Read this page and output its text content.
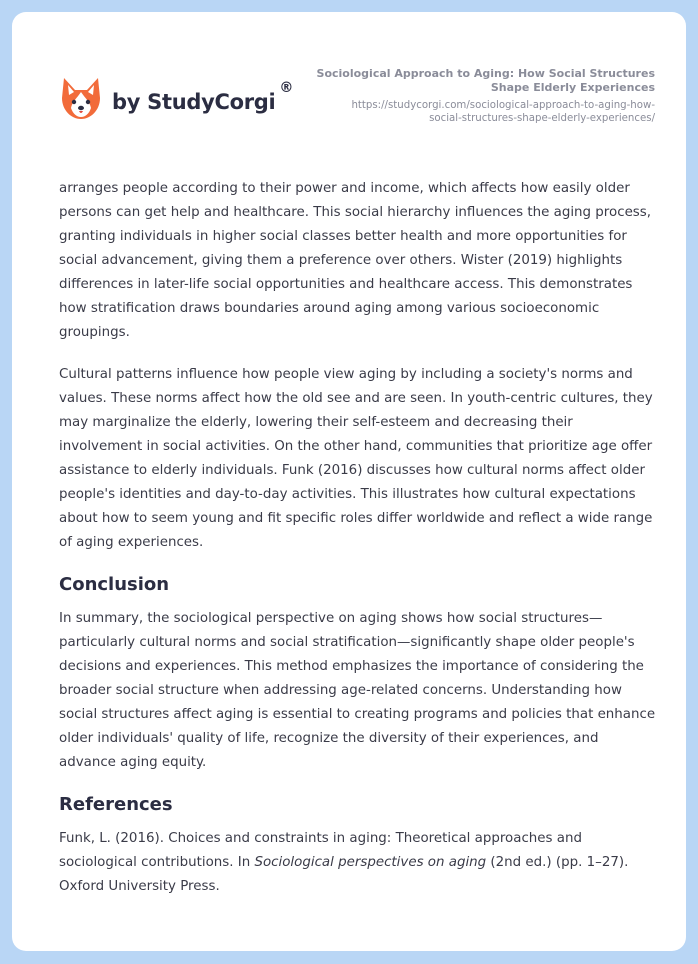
by StudyCorgi
®
Sociological Approach to Aging: How Social Structures
Shape Elderly Experiences
https://studycorgi.com/sociological-approach-to-aging-how-
social-structures-shape-elderly-experiences/

arranges people according to their power and income, which affects how easily older persons can get help and healthcare. This social hierarchy influences the aging process, granting individuals in higher social classes better health and more opportunities for social advancement, giving them a preference over others. Wister (2019) highlights differences in later-life social opportunities and healthcare access. This demonstrates how stratification draws boundaries around aging among various socioeconomic groupings.

Cultural patterns influence how people view aging by including a society's norms and values. These norms affect how the old see and are seen. In youth-centric cultures, they may marginalize the elderly, lowering their self-esteem and decreasing their involvement in social activities. On the other hand, communities that prioritize age offer assistance to elderly individuals. Funk (2016) discusses how cultural norms affect older people's identities and day-to-day activities. This illustrates how cultural expectations about how to seem young and fit specific roles differ worldwide and reflect a wide range of aging experiences.

Conclusion

In summary, the sociological perspective on aging shows how social structures—particularly cultural norms and social stratification—significantly shape older people's decisions and experiences. This method emphasizes the importance of considering the broader social structure when addressing age-related concerns. Understanding how social structures affect aging is essential to creating programs and policies that enhance older individuals' quality of life, recognize the diversity of their experiences, and advance aging equity.

References

Funk, L. (2016). Choices and constraints in aging: Theoretical approaches and sociological contributions. In Sociological perspectives on aging (2nd ed.) (pp. 1–27). Oxford University Press.
